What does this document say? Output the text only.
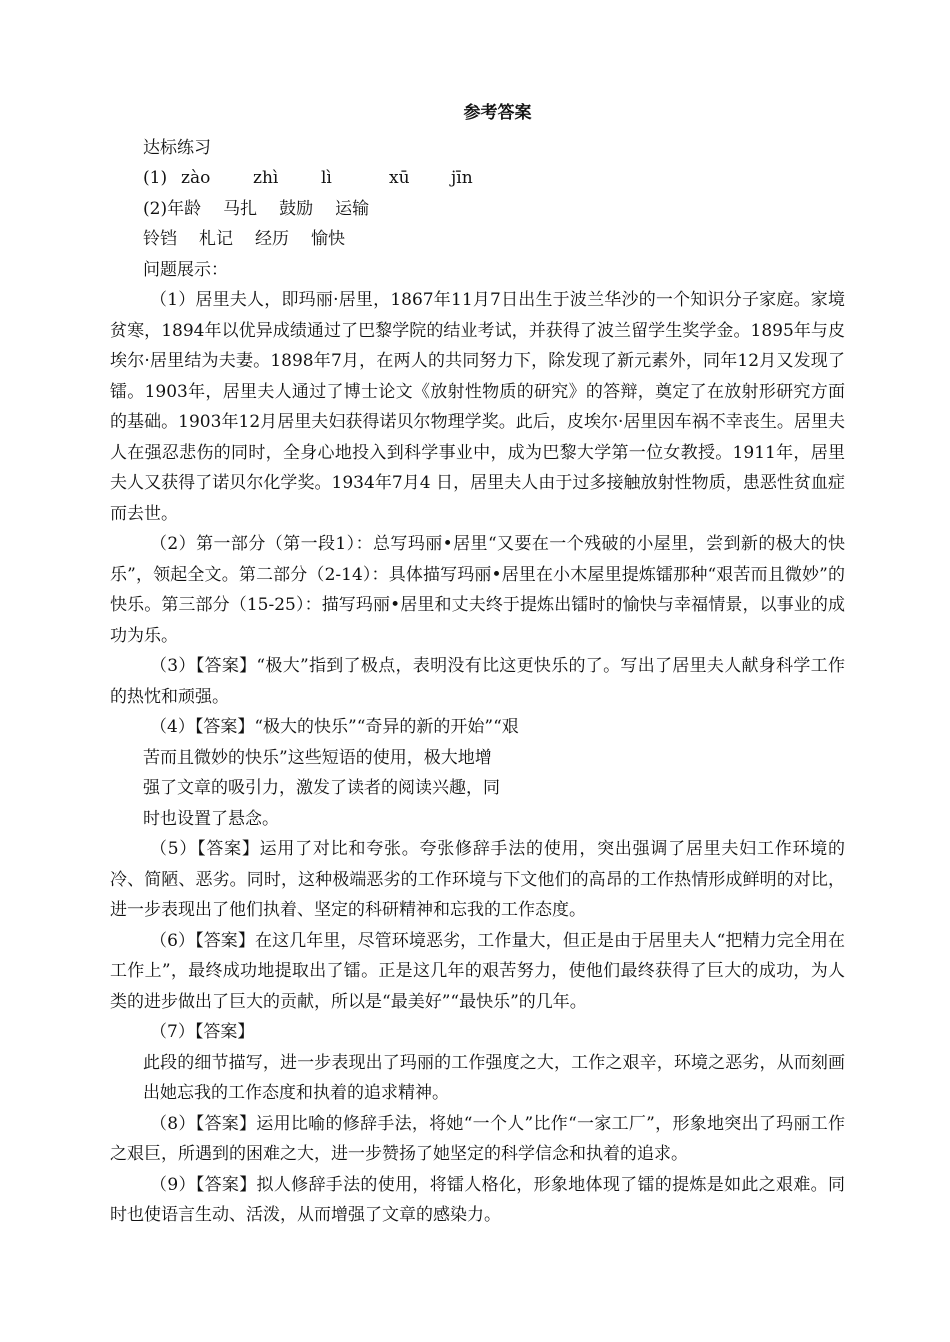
参考答案

达标练习

(1) zào	zhì	lì	xū jīn

(2)年龄 马扎 鼓励 运输

铃铛 札记 经历 愉快

问题展示：

（1）居里夫人，即玛丽·居里，1867年11月7日出生于波兰华沙的一个知识分子家庭。家境贫寒，1894年以优异成绩通过了巴黎学院的结业考试，并获得了波兰留学生奖学金。1895年与皮埃尔·居里结为夫妻。1898年7月，在两人的共同努力下，除发现了新元素外，同年12月又发现了镭。1903年，居里夫人通过了博士论文《放射性物质的研究》的答辩，奠定了在放射形研究方面的基础。1903年12月居里夫妇获得诺贝尔物理学奖。此后，皮埃尔·居里因车祸不幸丧生。居里夫人在强忍悲伤的同时，全身心地投入到科学事业中，成为巴黎大学第一位女教授。1911年，居里夫人又获得了诺贝尔化学奖。1934年7月4 日，居里夫人由于过多接触放射性物质，患恶性贫血症而去世。

（2）第一部分（第一段1）：总写玛丽•居里“又要在一个残破的小屋里，尝到新的极大的快乐”，领起全文。第二部分（2-14）：具体描写玛丽•居里在小木屋里提炼镭那种“艰苦而且微妙”的快乐。第三部分（15-25）：描写玛丽•居里和丈夫终于提炼出镭时的愉快与幸福情景，以事业的成功为乐。

（3）【答案】“极大”指到了极点，表明没有比这更快乐的了。写出了居里夫人献身科学工作的热忱和顽强。

（4）【答案】“极大的快乐”“奇异的新的开始”“艰

苦而且微妙的快乐”这些短语的使用，极大地增

强了文章的吸引力，激发了读者的阅读兴趣，同

时也设置了悬念。

（5）【答案】运用了对比和夸张。夸张修辞手法的使用，突出强调了居里夫妇工作环境的冷、简陋、恶劣。同时，这种极端恶劣的工作环境与下文他们的高昂的工作热情形成鲜明的对比，进一步表现出了他们执着、坚定的科研精神和忘我的工作态度。

（6）【答案】在这几年里，尽管环境恶劣，工作量大，但正是由于居里夫人“把精力完全用在工作上”，最终成功地提取出了镭。正是这几年的艰苦努力，使他们最终获得了巨大的成功，为人类的进步做出了巨大的贡献，所以是“最美好”“最快乐”的几年。

（7）【答案】

此段的细节描写，进一步表现出了玛丽的工作强度之大，工作之艰辛，环境之恶劣，从而刻画出她忘我的工作态度和执着的追求精神。

（8）【答案】运用比喻的修辞手法，将她“一个人”比作“一家工厂”，形象地突出了玛丽工作之艰巨，所遇到的困难之大，进一步赞扬了她坚定的科学信念和执着的追求。

（9）【答案】拟人修辞手法的使用，将镭人格化，形象地体现了镭的提炼是如此之艰难。同时也使语言生动、活泼，从而增强了文章的感染力。
